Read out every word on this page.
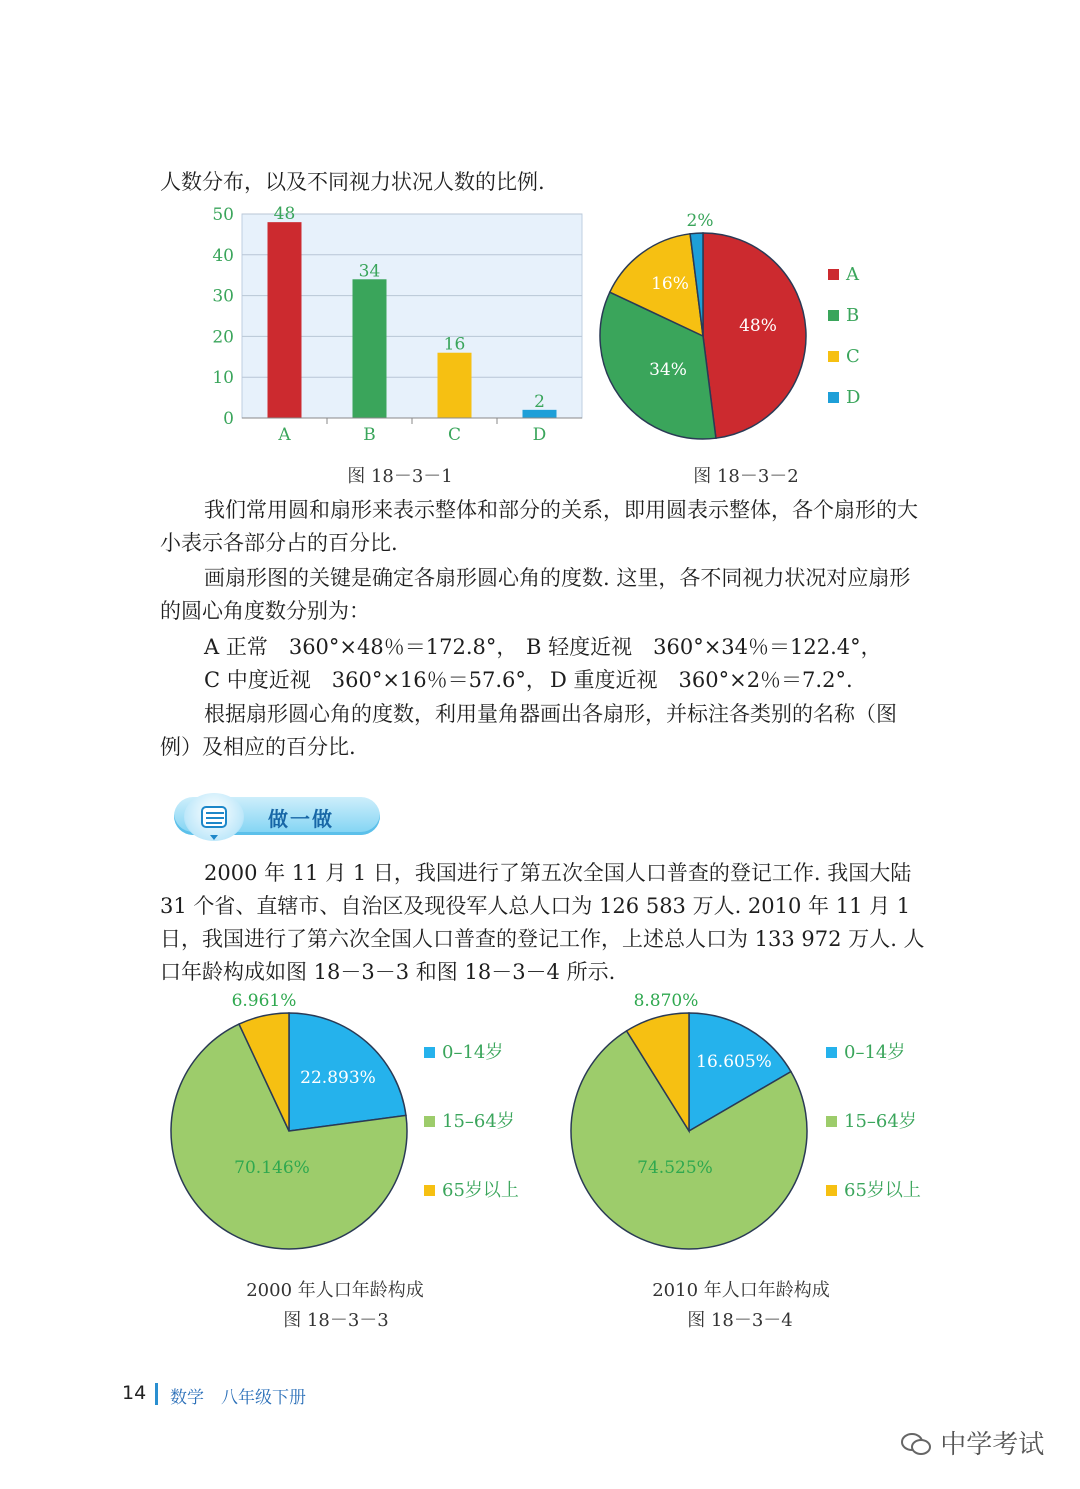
人数分布，以及不同视力状况人数的比例.

0
10
20
30
40
50 48
A
34
B
16
C
2
D
图 18－3－1
48%
34%
16%
2%
A
B
C
D
图 18－3－2

我们常用圆和扇形来表示整体和部分的关系，即用圆表示整体，各个扇形的大小表示各部分占的百分比.

画扇形图的关键是确定各扇形圆心角的度数. 这里，各不同视力状况对应扇形的圆心角度数分别为：

A 正常　360°×48％＝172.8°， B 轻度近视　360°×34％＝122.4°，
C 中度近视　360°×16％＝57.6°， D 重度近视　360°×2％＝7.2°.

根据扇形圆心角的度数，利用量角器画出各扇形，并标注各类别的名称（图例）及相应的百分比.

做一做

2000 年 11 月 1 日，我国进行了第五次全国人口普查的登记工作. 我国大陆 31 个省、直辖市、自治区及现役军人总人口为 126 583 万人. 2010 年 11 月 1 日，我国进行了第六次全国人口普查的登记工作，上述总人口为 133 972 万人. 人口年龄构成如图 18－3－3 和图 18－3－4 所示.

22.893%
70.146%
6.961%
0–14岁
15–64岁
65岁以上
2000 年人口年龄构成
图 18－3－3
16.605%
74.525%
8.870%
0–14岁
15–64岁
65岁以上
2010 年人口年龄构成
图 18－3－4
14 数学　八年级下册
中学考试
